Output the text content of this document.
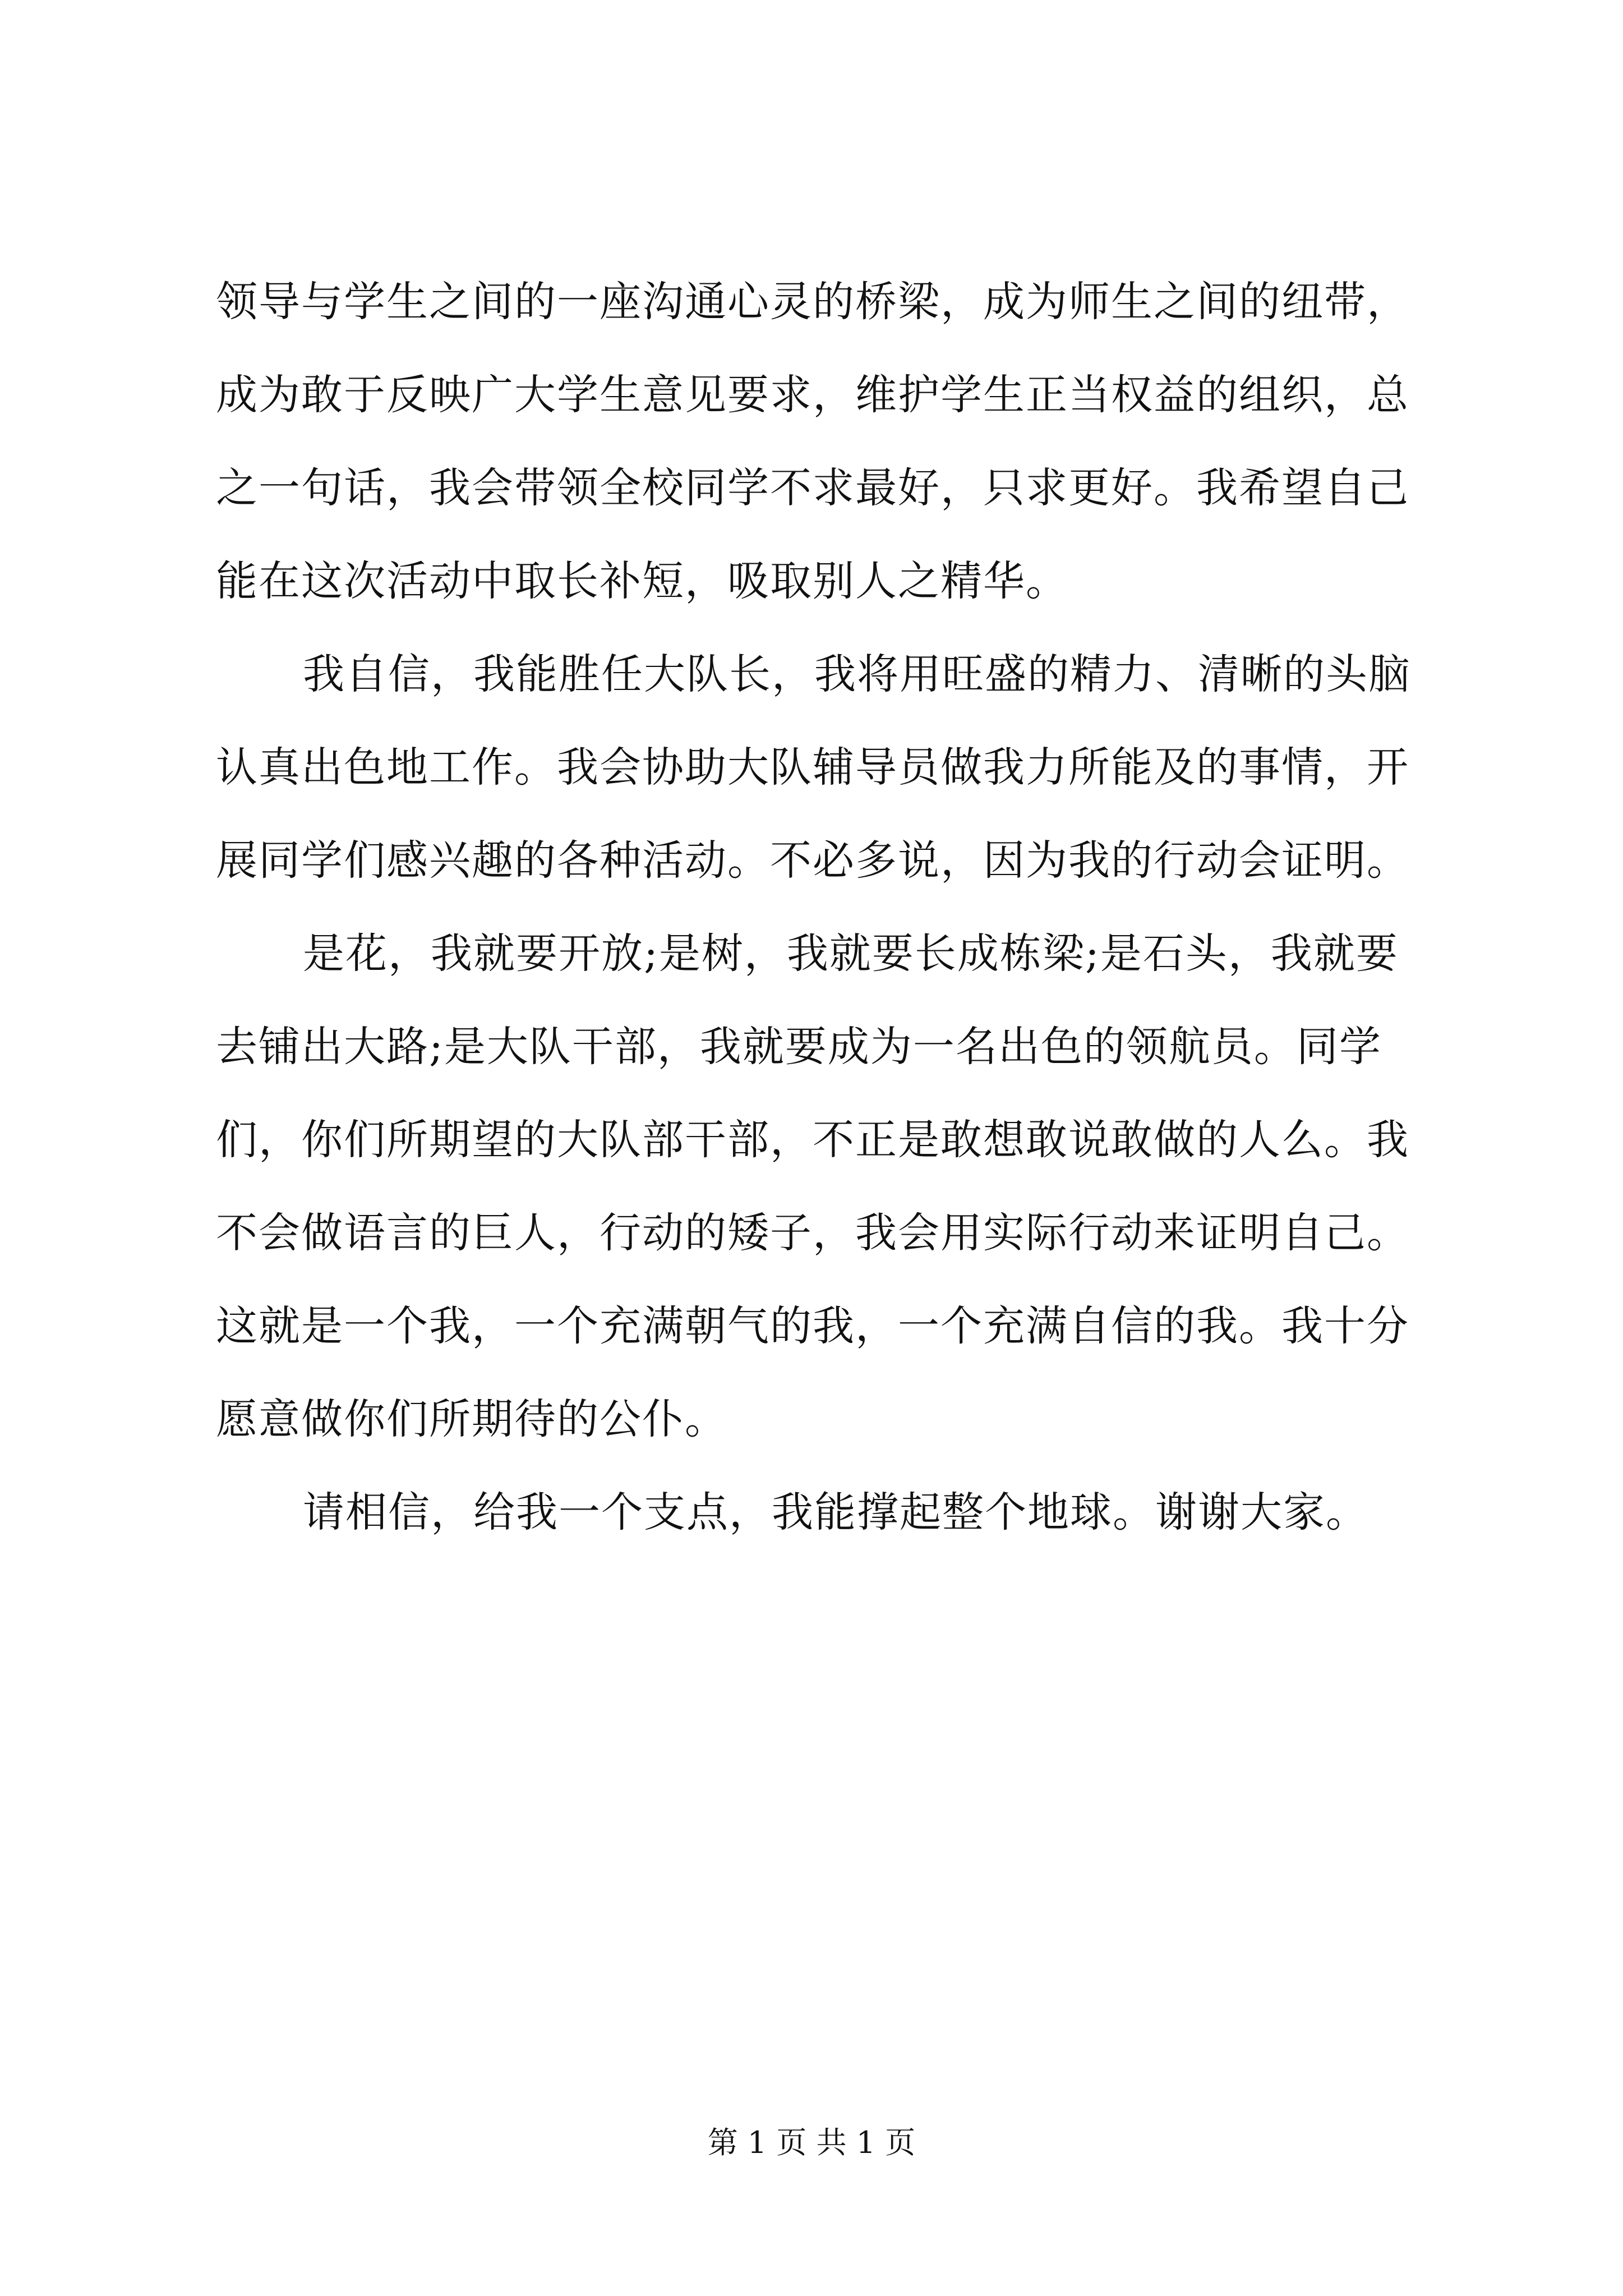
领导与学生之间的一座沟通心灵的桥梁，成为师生之间的纽带，
成为敢于反映广大学生意见要求，维护学生正当权益的组织，总
之一句话，我会带领全校同学不求最好，只求更好。我希望自己
能在这次活动中取长补短，吸取别人之精华。
我自信，我能胜任大队长，我将用旺盛的精力、清晰的头脑
认真出色地工作。我会协助大队辅导员做我力所能及的事情，开
展同学们感兴趣的各种活动。不必多说，因为我的行动会证明。
是花，我就要开放;是树，我就要长成栋梁;是石头，我就要
去铺出大路;是大队干部，我就要成为一名出色的领航员。同学
们，你们所期望的大队部干部，不正是敢想敢说敢做的人么。我
不会做语言的巨人，行动的矮子，我会用实际行动来证明自己。
这就是一个我，一个充满朝气的我，一个充满自信的我。我十分
愿意做你们所期待的公仆。
请相信，给我一个支点，我能撑起整个地球。谢谢大家。
第 1 页 共 1 页
